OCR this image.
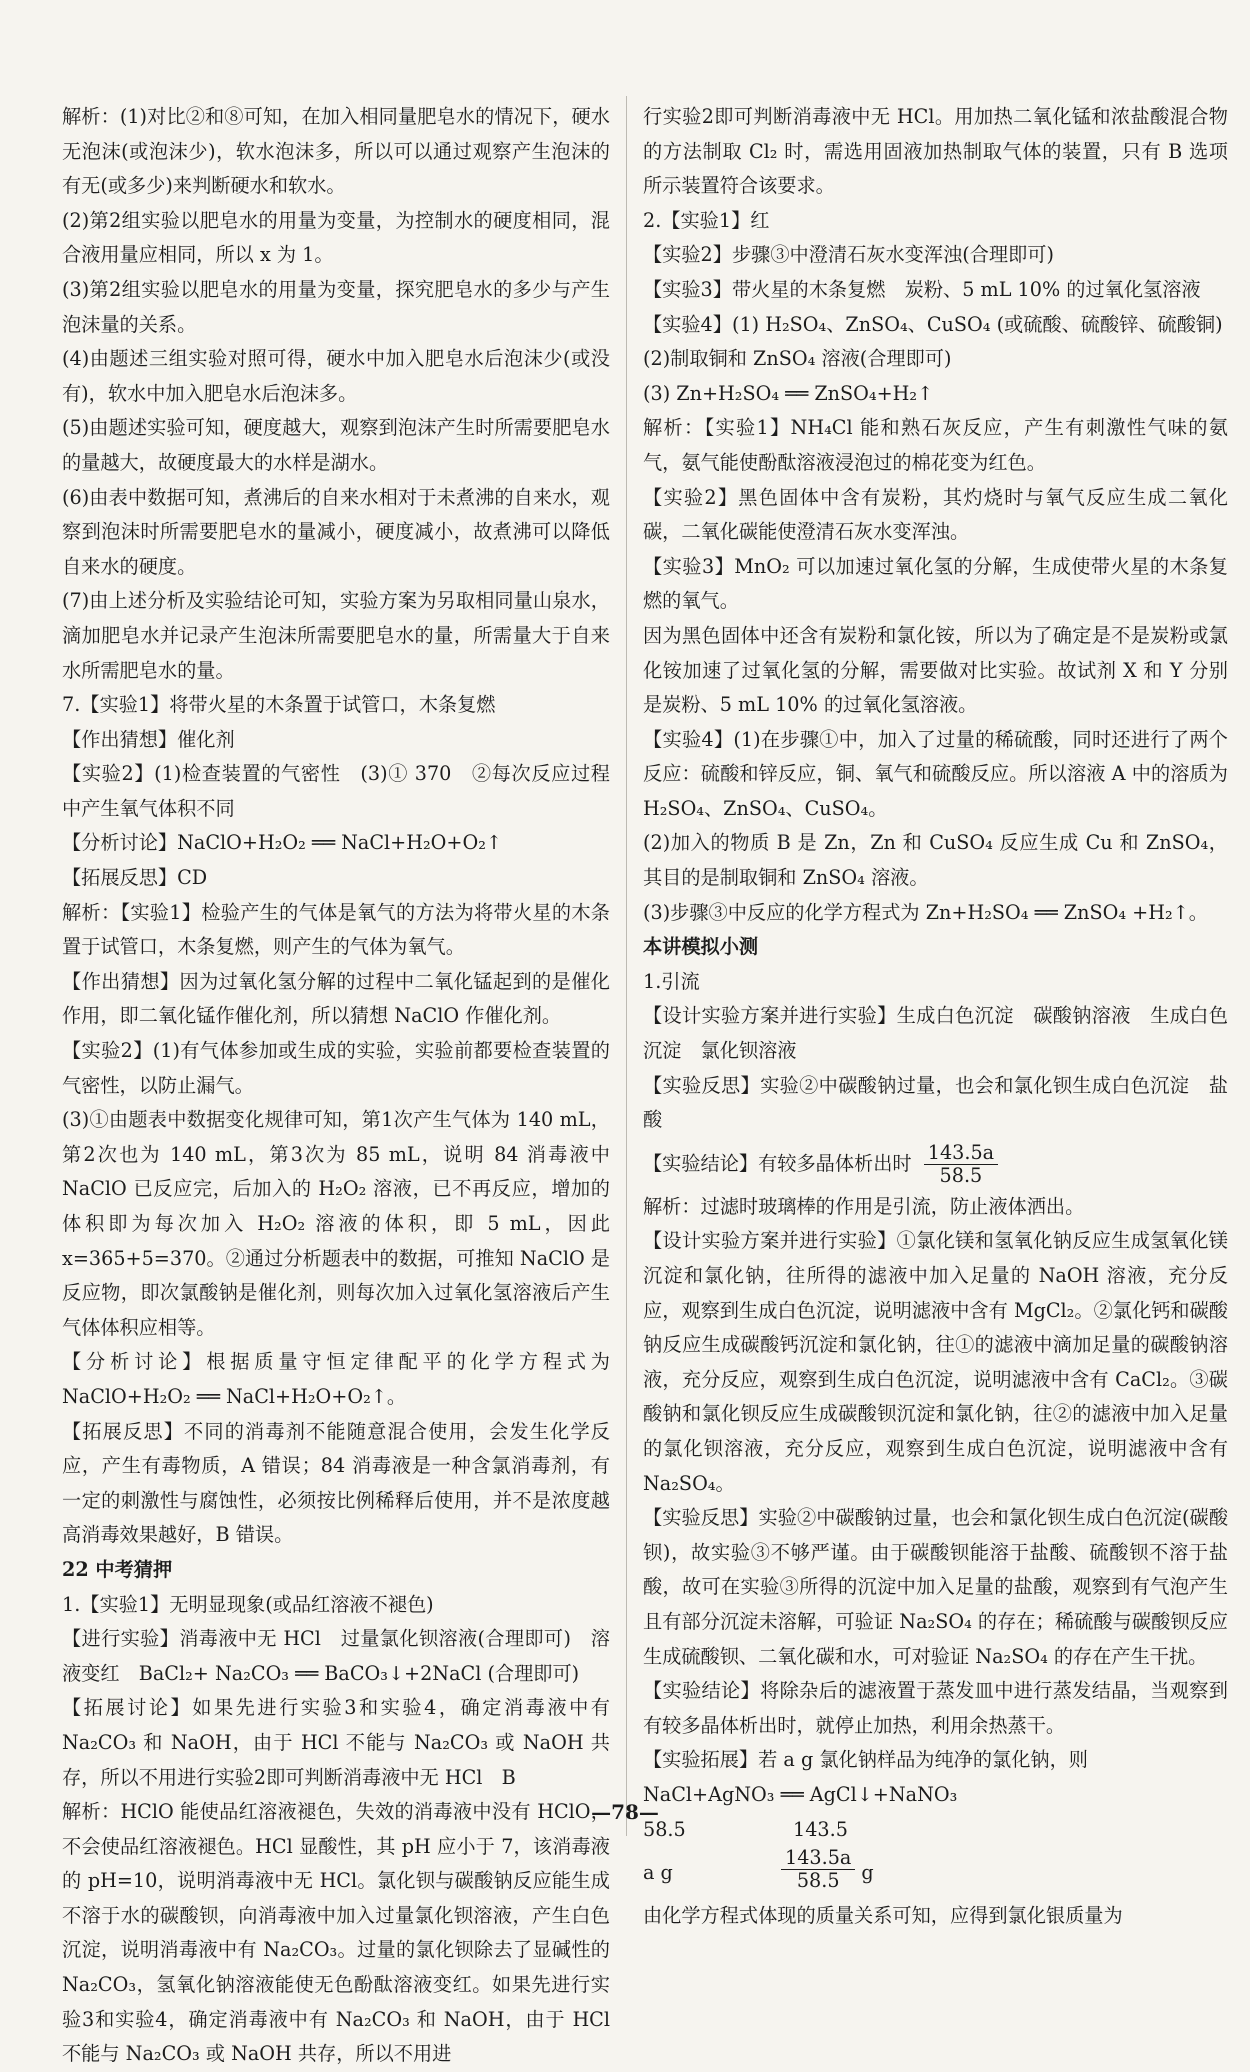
解析：(1)对比②和⑧可知，在加入相同量肥皂水的情况下，硬水无泡沫(或泡沫少)，软水泡沫多，所以可以通过观察产生泡沫的有无(或多少)来判断硬水和软水。

(2)第2组实验以肥皂水的用量为变量，为控制水的硬度相同，混合液用量应相同，所以 x 为 1。

(3)第2组实验以肥皂水的用量为变量，探究肥皂水的多少与产生泡沫量的关系。

(4)由题述三组实验对照可得，硬水中加入肥皂水后泡沫少(或没有)，软水中加入肥皂水后泡沫多。

(5)由题述实验可知，硬度越大，观察到泡沫产生时所需要肥皂水的量越大，故硬度最大的水样是湖水。

(6)由表中数据可知，煮沸后的自来水相对于未煮沸的自来水，观察到泡沫时所需要肥皂水的量减小，硬度减小，故煮沸可以降低自来水的硬度。

(7)由上述分析及实验结论可知，实验方案为另取相同量山泉水，滴加肥皂水并记录产生泡沫所需要肥皂水的量，所需量大于自来水所需肥皂水的量。

7.【实验1】将带火星的木条置于试管口，木条复燃

【作出猜想】催化剂

【实验2】(1)检查装置的气密性　(3)① 370　②每次反应过程中产生氧气体积不同

【分析讨论】NaClO+H₂O₂ ══ NaCl+H₂O+O₂↑

【拓展反思】CD

解析：【实验1】检验产生的气体是氧气的方法为将带火星的木条置于试管口，木条复燃，则产生的气体为氧气。

【作出猜想】因为过氧化氢分解的过程中二氧化锰起到的是催化作用，即二氧化锰作催化剂，所以猜想 NaClO 作催化剂。

【实验2】(1)有气体参加或生成的实验，实验前都要检查装置的气密性，以防止漏气。

(3)①由题表中数据变化规律可知，第1次产生气体为 140 mL，第2次也为 140 mL，第3次为 85 mL，说明 84 消毒液中 NaClO 已反应完，后加入的 H₂O₂ 溶液，已不再反应，增加的体积即为每次加入 H₂O₂ 溶液的体积，即 5 mL，因此 x=365+5=370。②通过分析题表中的数据，可推知 NaClO 是反应物，即次氯酸钠是催化剂，则每次加入过氧化氢溶液后产生气体体积应相等。

【分析讨论】根据质量守恒定律配平的化学方程式为 NaClO+H₂O₂ ══ NaCl+H₂O+O₂↑。

【拓展反思】不同的消毒剂不能随意混合使用，会发生化学反应，产生有毒物质，A 错误；84 消毒液是一种含氯消毒剂，有一定的刺激性与腐蚀性，必须按比例稀释后使用，并不是浓度越高消毒效果越好，B 错误。

22 中考猜押

1.【实验1】无明显现象(或品红溶液不褪色)

【进行实验】消毒液中无 HCl　过量氯化钡溶液(合理即可)　溶液变红　BaCl₂+ Na₂CO₃ ══ BaCO₃↓+2NaCl (合理即可)

【拓展讨论】如果先进行实验3和实验4，确定消毒液中有 Na₂CO₃ 和 NaOH，由于 HCl 不能与 Na₂CO₃ 或 NaOH 共存，所以不用进行实验2即可判断消毒液中无 HCl　B

解析：HClO 能使品红溶液褪色，失效的消毒液中没有 HClO，不会使品红溶液褪色。HCl 显酸性，其 pH 应小于 7，该消毒液的 pH=10，说明消毒液中无 HCl。氯化钡与碳酸钠反应能生成不溶于水的碳酸钡，向消毒液中加入过量氯化钡溶液，产生白色沉淀，说明消毒液中有 Na₂CO₃。过量的氯化钡除去了显碱性的 Na₂CO₃，氢氧化钠溶液能使无色酚酞溶液变红。如果先进行实验3和实验4，确定消毒液中有 Na₂CO₃ 和 NaOH，由于 HCl 不能与 Na₂CO₃ 或 NaOH 共存，所以不用进

行实验2即可判断消毒液中无 HCl。用加热二氧化锰和浓盐酸混合物的方法制取 Cl₂ 时，需选用固液加热制取气体的装置，只有 B 选项所示装置符合该要求。

2.【实验1】红

【实验2】步骤③中澄清石灰水变浑浊(合理即可)

【实验3】带火星的木条复燃　炭粉、5 mL 10% 的过氧化氢溶液

【实验4】(1) H₂SO₄、ZnSO₄、CuSO₄ (或硫酸、硫酸锌、硫酸铜)

(2)制取铜和 ZnSO₄ 溶液(合理即可)

(3) Zn+H₂SO₄ ══ ZnSO₄+H₂↑

解析：【实验1】NH₄Cl 能和熟石灰反应，产生有刺激性气味的氨气，氨气能使酚酞溶液浸泡过的棉花变为红色。

【实验2】黑色固体中含有炭粉，其灼烧时与氧气反应生成二氧化碳，二氧化碳能使澄清石灰水变浑浊。

【实验3】MnO₂ 可以加速过氧化氢的分解，生成使带火星的木条复燃的氧气。

因为黑色固体中还含有炭粉和氯化铵，所以为了确定是不是炭粉或氯化铵加速了过氧化氢的分解，需要做对比实验。故试剂 X 和 Y 分别是炭粉、5 mL 10% 的过氧化氢溶液。

【实验4】(1)在步骤①中，加入了过量的稀硫酸，同时还进行了两个反应：硫酸和锌反应，铜、氧气和硫酸反应。所以溶液 A 中的溶质为 H₂SO₄、ZnSO₄、CuSO₄。

(2)加入的物质 B 是 Zn，Zn 和 CuSO₄ 反应生成 Cu 和 ZnSO₄，其目的是制取铜和 ZnSO₄ 溶液。

(3)步骤③中反应的化学方程式为 Zn+H₂SO₄ ══ ZnSO₄ +H₂↑。

本讲模拟小测

1.引流

【设计实验方案并进行实验】生成白色沉淀　碳酸钠溶液　生成白色沉淀　氯化钡溶液

【实验反思】实验②中碳酸钠过量，也会和氯化钡生成白色沉淀　盐酸

【实验结论】有较多晶体析出时 $\frac{143.5a}{58.5}$

解析：过滤时玻璃棒的作用是引流，防止液体洒出。

【设计实验方案并进行实验】①氯化镁和氢氧化钠反应生成氢氧化镁沉淀和氯化钠，往所得的滤液中加入足量的 NaOH 溶液，充分反应，观察到生成白色沉淀，说明滤液中含有 MgCl₂。②氯化钙和碳酸钠反应生成碳酸钙沉淀和氯化钠，往①的滤液中滴加足量的碳酸钠溶液，充分反应，观察到生成白色沉淀，说明滤液中含有 CaCl₂。③碳酸钠和氯化钡反应生成碳酸钡沉淀和氯化钠，往②的滤液中加入足量的氯化钡溶液，充分反应，观察到生成白色沉淀，说明滤液中含有 Na₂SO₄。

【实验反思】实验②中碳酸钠过量，也会和氯化钡生成白色沉淀(碳酸钡)，故实验③不够严谨。由于碳酸钡能溶于盐酸、硫酸钡不溶于盐酸，故可在实验③所得的沉淀中加入足量的盐酸，观察到有气泡产生且有部分沉淀未溶解，可验证 Na₂SO₄ 的存在；稀硫酸与碳酸钡反应生成硫酸钡、二氧化碳和水，可对验证 Na₂SO₄ 的存在产生干扰。

【实验结论】将除杂后的滤液置于蒸发皿中进行蒸发结晶，当观察到有较多晶体析出时，就停止加热，利用余热蒸干。

【实验拓展】若 a g 氯化钠样品为纯净的氯化钠，则

NaCl+AgNO₃ ══ AgCl↓+NaNO₃

58.5	143.5

a g	$\frac{143.5a}{58.5}$ g

由化学方程式体现的质量关系可知，应得到氯化银质量为

—78—
